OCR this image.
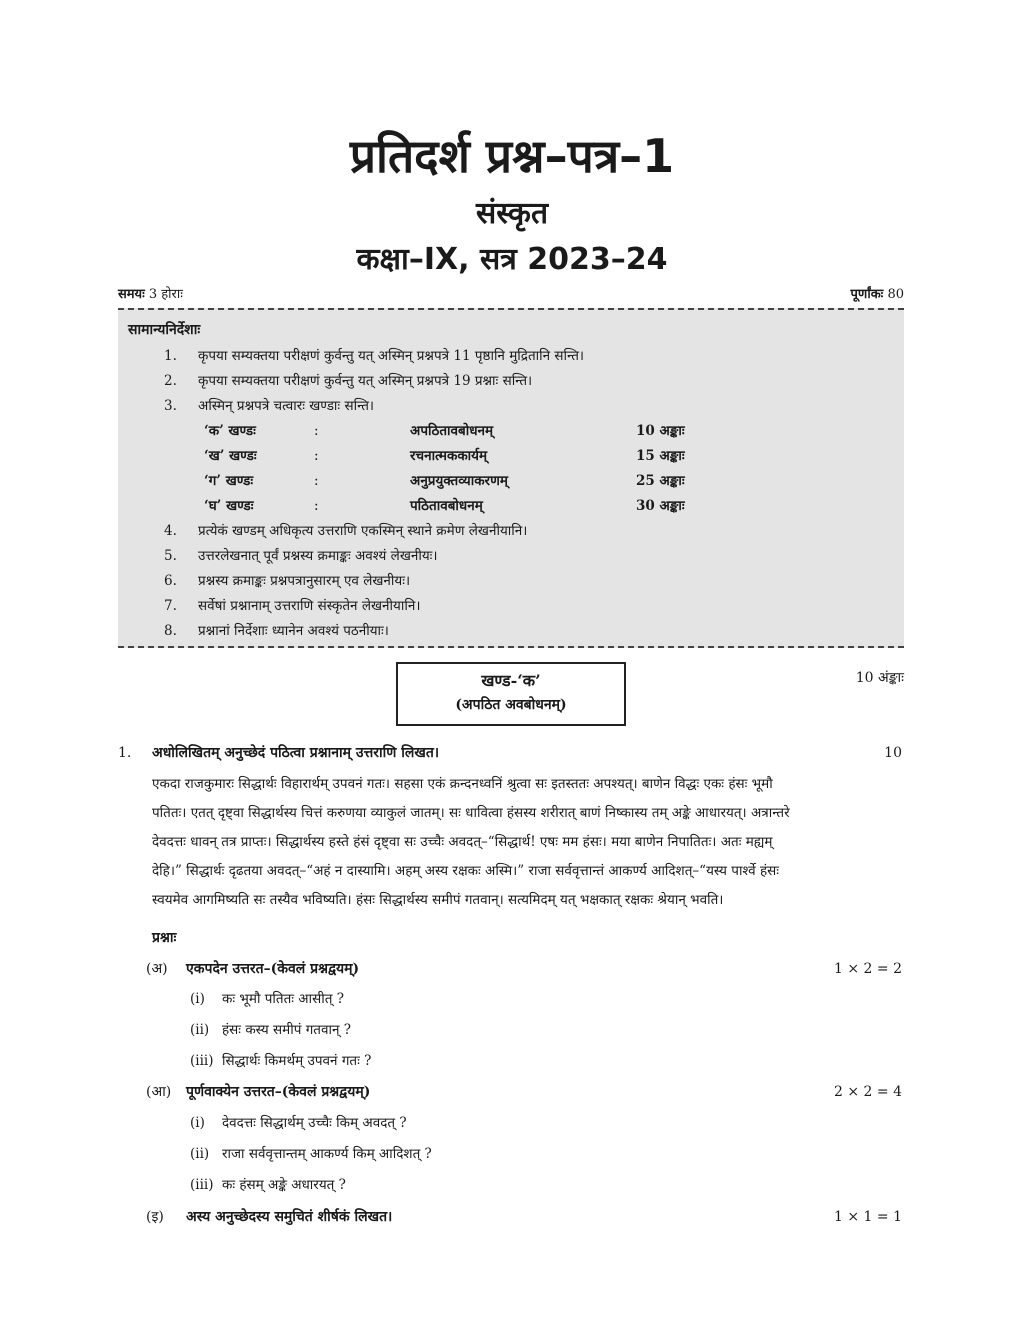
प्रतिदर्श प्रश्न–पत्र–1
संस्कृत
कक्षा–IX, सत्र 2023–24
समयः 3 होराः	पूर्णांकः 80
सामान्यनिर्देशाः
1.	कृपया सम्यक्तया परीक्षणं कुर्वन्तु यत् अस्मिन् प्रश्नपत्रे 11 पृष्ठानि मुद्रितानि सन्ति।
2.	कृपया सम्यक्तया परीक्षणं कुर्वन्तु यत् अस्मिन् प्रश्नपत्रे 19 प्रश्नाः सन्ति।
3.	अस्मिन् प्रश्नपत्रे चत्वारः खण्डाः सन्ति।
‘क’ खण्डः	:	अपठितावबोधनम्	10 अङ्काः
‘ख’ खण्डः	:	रचनात्मककार्यम्	15 अङ्काः
‘ग’ खण्डः	:	अनुप्रयुक्तव्याकरणम्	25 अङ्काः
‘घ’ खण्डः	:	पठितावबोधनम्	30 अङ्काः
4.	प्रत्येकं खण्डम् अधिकृत्य उत्तराणि एकस्मिन् स्थाने क्रमेण लेखनीयानि।
5.	उत्तरलेखनात् पूर्वं प्रश्नस्य क्रमाङ्कः अवश्यं लेखनीयः।
6.	प्रश्नस्य क्रमाङ्कः प्रश्नपत्रानुसारम् एव लेखनीयः।
7.	सर्वेषां प्रश्नानाम् उत्तराणि संस्कृतेन लेखनीयानि।
8.	प्रश्नानां निर्देशाः ध्यानेन अवश्यं पठनीयाः।
खण्ड-‘क’
(अपठित अवबोधनम्)
10 अंङ्काः
1. अधोलिखितम् अनुच्छेदं पठित्वा प्रश्नानाम् उत्तराणि लिखत।	10
एकदा राजकुमारः सिद्धार्थः विहारार्थम् उपवनं गतः। सहसा एकं क्रन्दनध्वनिं श्रुत्वा सः इतस्ततः अपश्यत्। बाणेन विद्धः एकः हंसः भूमौ
पतितः। एतत् दृष्ट्वा सिद्धार्थस्य चित्तं करुणया व्याकुलं जातम्। सः धावित्वा हंसस्य शरीरात् बाणं निष्कास्य तम् अङ्के आधारयत्। अत्रान्तरे
देवदत्तः धावन् तत्र प्राप्तः। सिद्धार्थस्य हस्ते हंसं दृष्ट्वा सः उच्चैः अवदत्–“सिद्धार्थ! एषः मम हंसः। मया बाणेन निपातितः। अतः मह्यम्
देहि।” सिद्धार्थः दृढतया अवदत्–“अहं न दास्यामि। अहम् अस्य रक्षकः अस्मि।” राजा सर्ववृत्तान्तं आकर्ण्य आदिशत्–“यस्य पार्श्वे हंसः
स्वयमेव आगमिष्यति सः तस्यैव भविष्यति। हंसः सिद्धार्थस्य समीपं गतवान्। सत्यमिदम् यत् भक्षकात् रक्षकः श्रेयान् भवति।
प्रश्नाः
(अ) एकपदेन उत्तरत–(केवलं प्रश्नद्वयम्)	1 × 2 = 2
(i) कः भूमौ पतितः आसीत् ?
(ii) हंसः कस्य समीपं गतवान् ?
(iii) सिद्धार्थः किमर्थम् उपवनं गतः ?
(आ) पूर्णवाक्येन उत्तरत–(केवलं प्रश्नद्वयम्)	2 × 2 = 4
(i) देवदत्तः सिद्धार्थम् उच्चैः किम् अवदत् ?
(ii) राजा सर्ववृत्तान्तम् आकर्ण्य किम् आदिशत् ?
(iii) कः हंसम् अङ्के अधारयत् ?
(इ) अस्य अनुच्छेदस्य समुचितं शीर्षकं लिखत।	1 × 1 = 1
